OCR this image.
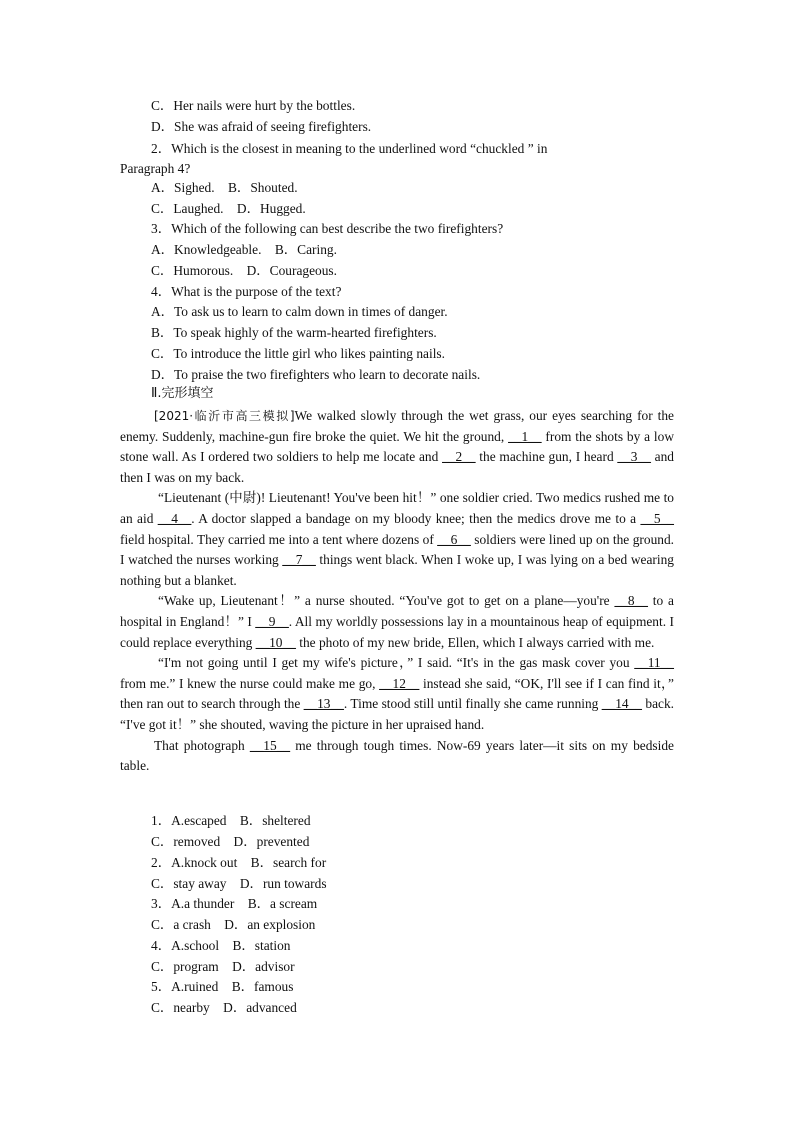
C．Her nails were hurt by the bottles.
D．She was afraid of seeing firefighters.
2．Which is the closest in meaning to the underlined word “chuckled ” in
Paragraph 4?
A．Sighed.　B．Shouted.
C．Laughed.　D．Hugged.
3．Which of the following can best describe the two firefighters?
A．Knowledgeable.　B．Caring.
C．Humorous.　D．Courageous.
4．What is the purpose of the text?
A．To ask us to learn to calm down in times of danger.
B．To speak highly of the warm-hearted firefighters.
C．To introduce the little girl who likes painting nails.
D．To praise the two firefighters who learn to decorate nails.
Ⅱ.完形填空

[2021·临沂市高三模拟]We walked slowly through the wet grass, our eyes searching for the enemy. Suddenly, machine-gun fire broke the quiet. We hit the ground, __1__ from the shots by a low stone wall. As I ordered two soldiers to help me locate and __2__ the machine gun, I heard __3__ and then I was on my back.

“Lieutenant (中尉)! Lieutenant! You've been hit！” one soldier cried. Two medics rushed me to an aid __4__. A doctor slapped a bandage on my bloody knee; then the medics drove me to a __5__ field hospital. They carried me into a tent where dozens of __6__ soldiers were lined up on the ground. I watched the nurses working __7__ things went black. When I woke up, I was lying on a bed wearing nothing but a blanket.

“Wake up, Lieutenant！” a nurse shouted. “You've got to get on a plane—you're __8__ to a hospital in England！” I __9__. All my worldly possessions lay in a mountainous heap of equipment. I could replace everything __10__ the photo of my new bride, Ellen, which I always carried with me.

“I'm not going until I get my wife's picture，” I said. “It's in the gas mask cover you __11__ from me.” I knew the nurse could make me go, __12__ instead she said, “OK, I'll see if I can find it，” then ran out to search through the __13__. Time stood still until finally she came running __14__ back. “I've got it！” she shouted, waving the picture in her upraised hand.

That photograph __15__ me through tough times. Now-69 years later—it sits on my bedside table.

1．A.escaped　B．sheltered
C．removed　D．prevented
2．A.knock out　B．search for
C．stay away　D．run towards
3．A.a thunder　B．a scream
C．a crash　D．an explosion
4．A.school　B．station
C．program　D．advisor
5．A.ruined　B．famous
C．nearby　D．advanced
